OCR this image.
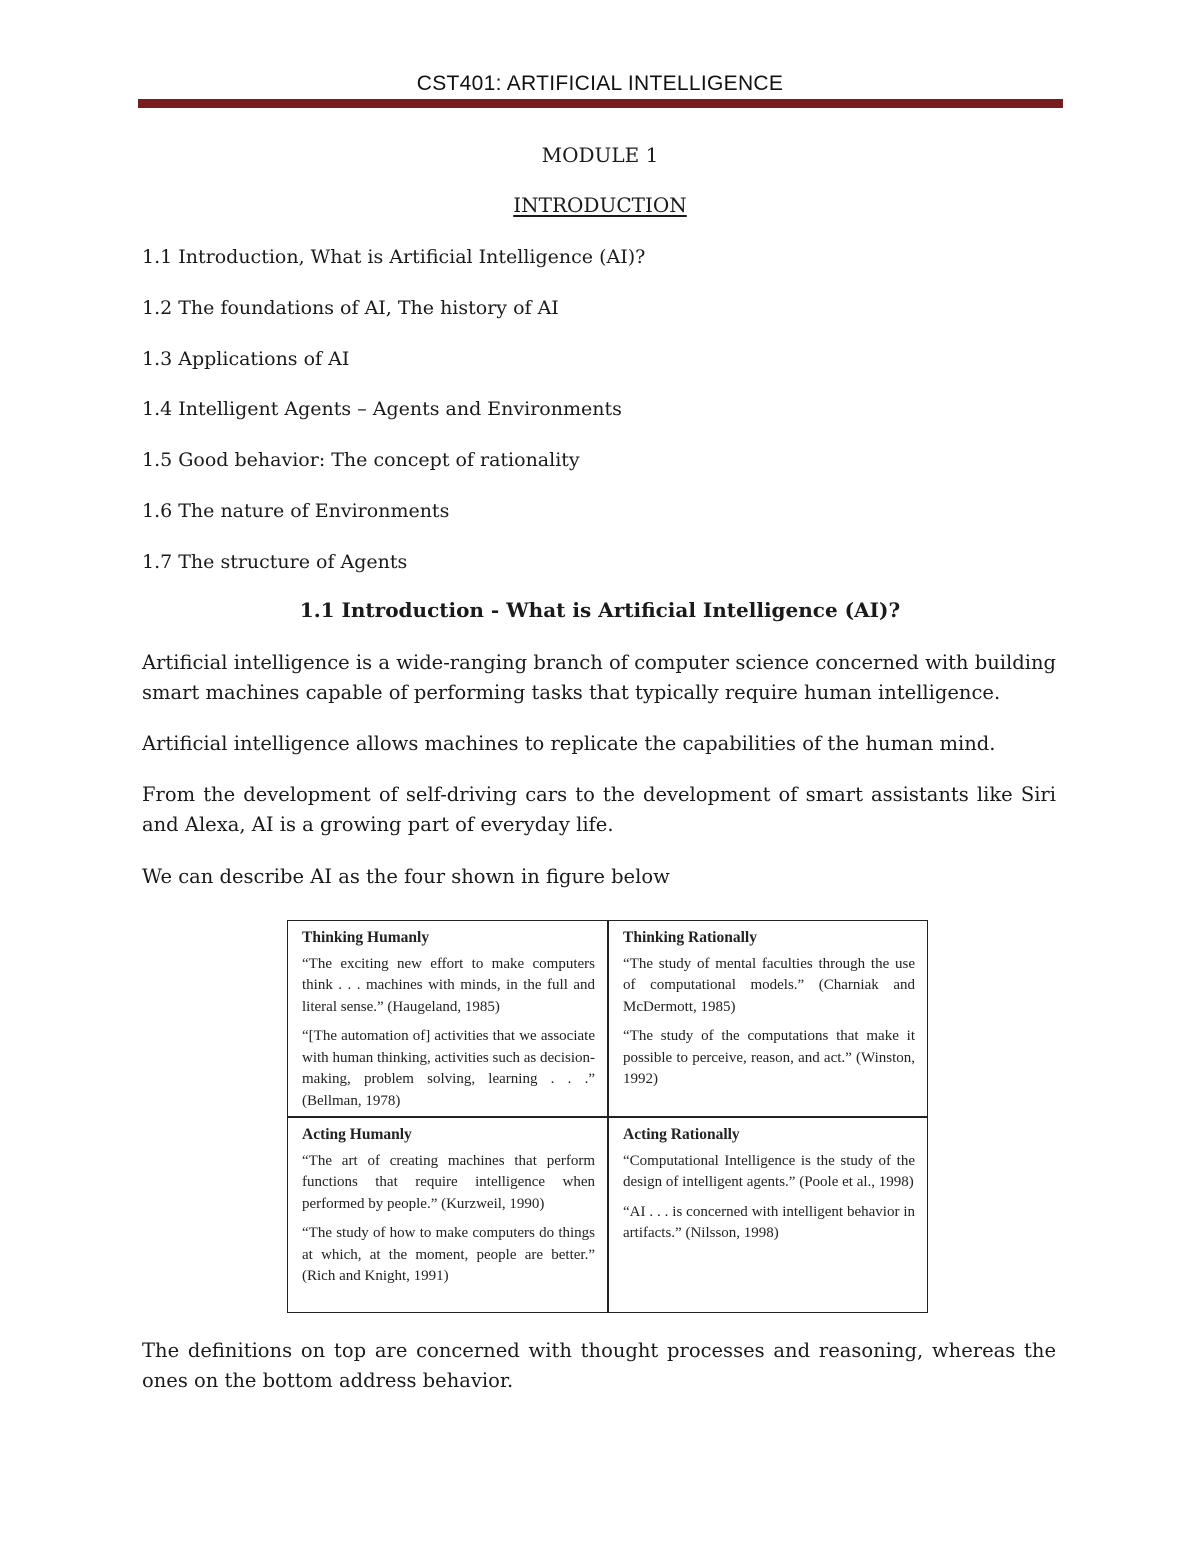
CST401: ARTIFICIAL INTELLIGENCE
MODULE 1
INTRODUCTION
1.1 Introduction, What is Artificial Intelligence (AI)?
1.2 The foundations of AI, The history of AI
1.3 Applications of AI
1.4 Intelligent Agents – Agents and Environments
1.5 Good behavior: The concept of rationality
1.6 The nature of Environments
1.7 The structure of Agents
1.1 Introduction - What is Artificial Intelligence (AI)?

Artificial intelligence is a wide-ranging branch of computer science concerned with building smart machines capable of performing tasks that typically require human intelligence.

Artificial intelligence allows machines to replicate the capabilities of the human mind.

From the development of self-driving cars to the development of smart assistants like Siri and Alexa, AI is a growing part of everyday life.

We can describe AI as the four shown in figure below

Thinking Humanly

“The exciting new effort to make computers think . . . machines with minds, in the full and literal sense.” (Haugeland, 1985)

“[The automation of] activities that we associate with human thinking, activities such as decision-making, problem solving, learning . . .” (Bellman, 1978)

Thinking Rationally

“The study of mental faculties through the use of computational models.” (Charniak and McDermott, 1985)

“The study of the computations that make it possible to perceive, reason, and act.” (Winston, 1992)

Acting Humanly

“The art of creating machines that perform functions that require intelligence when performed by people.” (Kurzweil, 1990)

“The study of how to make computers do things at which, at the moment, people are better.” (Rich and Knight, 1991)

Acting Rationally

“Computational Intelligence is the study of the design of intelligent agents.” (Poole et al., 1998)

“AI . . . is concerned with intelligent behavior in artifacts.” (Nilsson, 1998)

The definitions on top are concerned with thought processes and reasoning, whereas the ones on the bottom address behavior.
